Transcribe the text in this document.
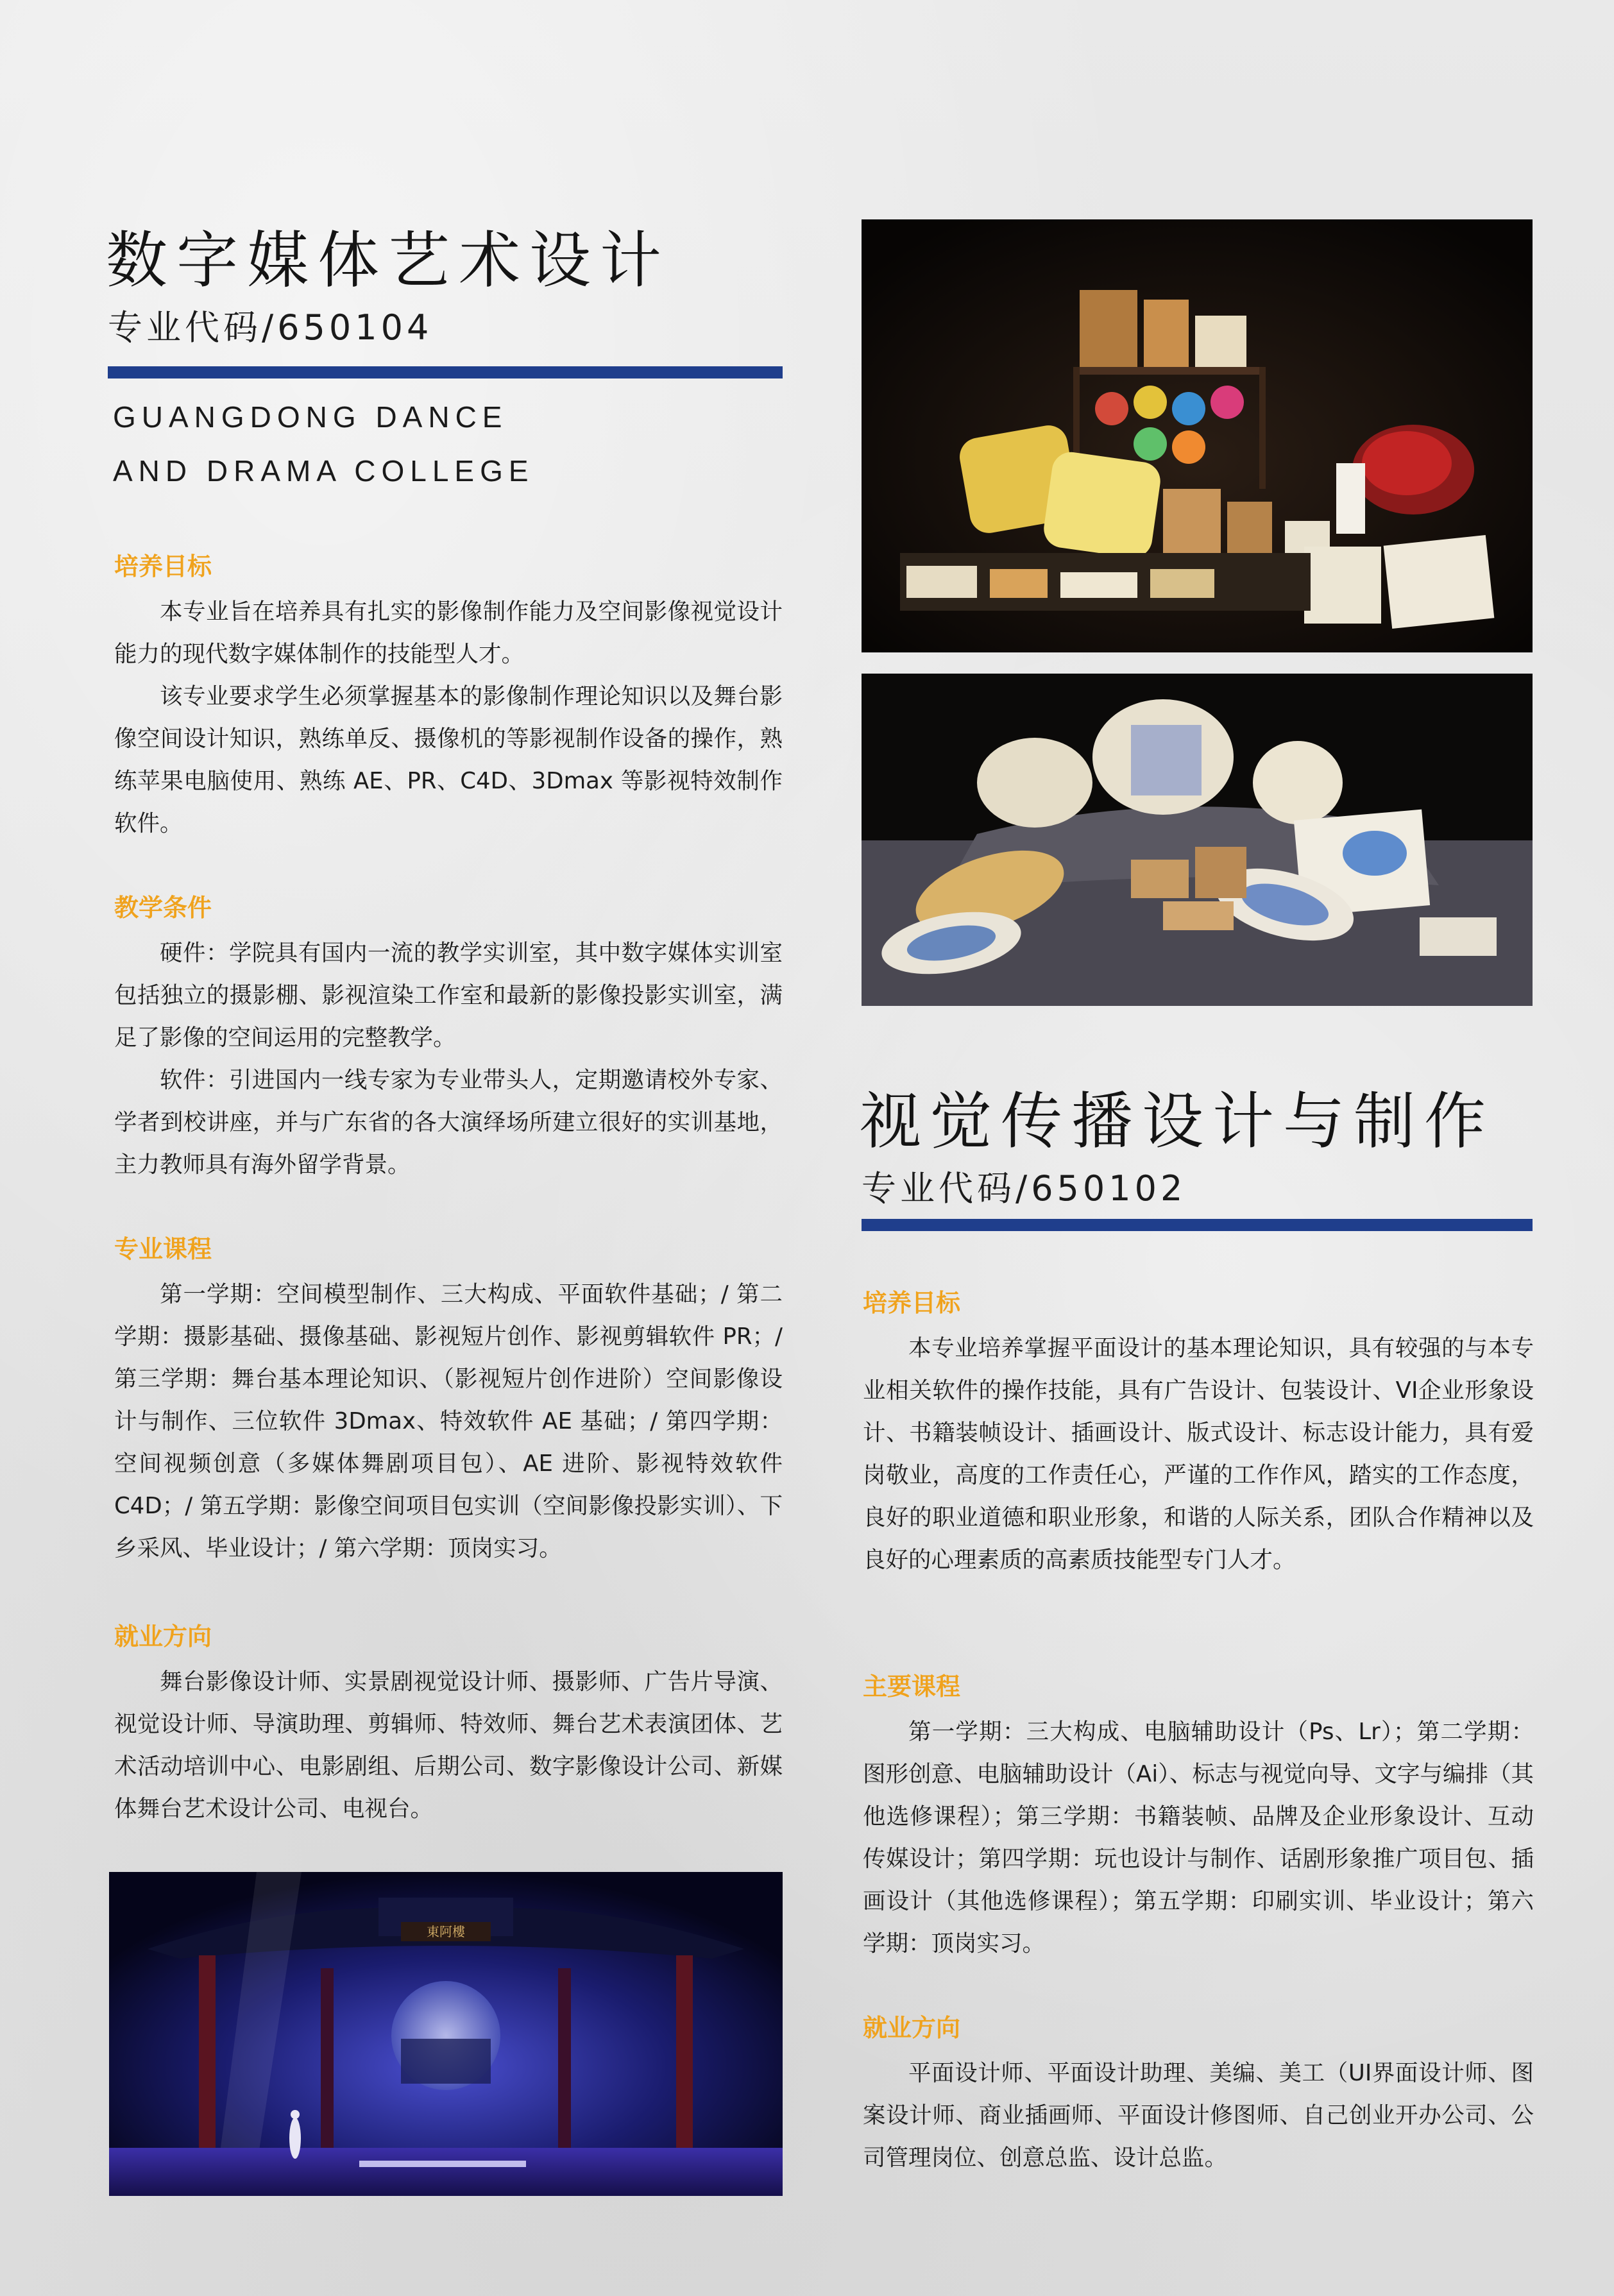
数字媒体艺术设计
专业代码/650104
GUANGDONG DANCE
AND DRAMA COLLEGE
培养目标

本专业旨在培养具有扎实的影像制作能力及空间影像视觉设计能力的现代数字媒体制作的技能型人才。

该专业要求学生必须掌握基本的影像制作理论知识以及舞台影像空间设计知识，熟练单反、摄像机的等影视制作设备的操作，熟练苹果电脑使用、熟练 AE、PR、C4D、3Dmax 等影视特效制作软件。

教学条件

硬件：学院具有国内一流的教学实训室，其中数字媒体实训室包括独立的摄影棚、影视渲染工作室和最新的影像投影实训室，满足了影像的空间运用的完整教学。

软件：引进国内一线专家为专业带头人，定期邀请校外专家、学者到校讲座，并与广东省的各大演绎场所建立很好的实训基地，主力教师具有海外留学背景。

专业课程

第一学期：空间模型制作、三大构成、平面软件基础；/ 第二学期：摄影基础、摄像基础、影视短片创作、影视剪辑软件 PR；/ 第三学期：舞台基本理论知识、（影视短片创作进阶）空间影像设计与制作、三位软件 3Dmax、特效软件 AE 基础；/ 第四学期：空间视频创意（多媒体舞剧项目包）、AE 进阶、影视特效软件 C4D；/ 第五学期：影像空间项目包实训（空间影像投影实训）、下乡采风、毕业设计；/ 第六学期：顶岗实习。

就业方向

舞台影像设计师、实景剧视觉设计师、摄影师、广告片导演、视觉设计师、导演助理、剪辑师、特效师、舞台艺术表演团体、艺术活动培训中心、电影剧组、后期公司、数字影像设计公司、新媒体舞台艺术设计公司、电视台。

東阿樓
视觉传播设计与制作
专业代码/650102
培养目标

本专业培养掌握平面设计的基本理论知识，具有较强的与本专业相关软件的操作技能，具有广告设计、包装设计、VI企业形象设计、书籍装帧设计、插画设计、版式设计、标志设计能力，具有爱岗敬业，高度的工作责任心，严谨的工作作风，踏实的工作态度，良好的职业道德和职业形象，和谐的人际关系，团队合作精神以及良好的心理素质的高素质技能型专门人才。

主要课程

第一学期：三大构成、电脑辅助设计（Ps、Lr）；第二学期：图形创意、电脑辅助设计（Ai）、标志与视觉向导、文字与编排（其他选修课程）；第三学期：书籍装帧、品牌及企业形象设计、互动传媒设计；第四学期：玩也设计与制作、话剧形象推广项目包、插画设计（其他选修课程）；第五学期：印刷实训、毕业设计；第六学期：顶岗实习。

就业方向

平面设计师、平面设计助理、美编、美工（UI界面设计师、图案设计师、商业插画师、平面设计修图师、自己创业开办公司、公司管理岗位、创意总监、设计总监。
